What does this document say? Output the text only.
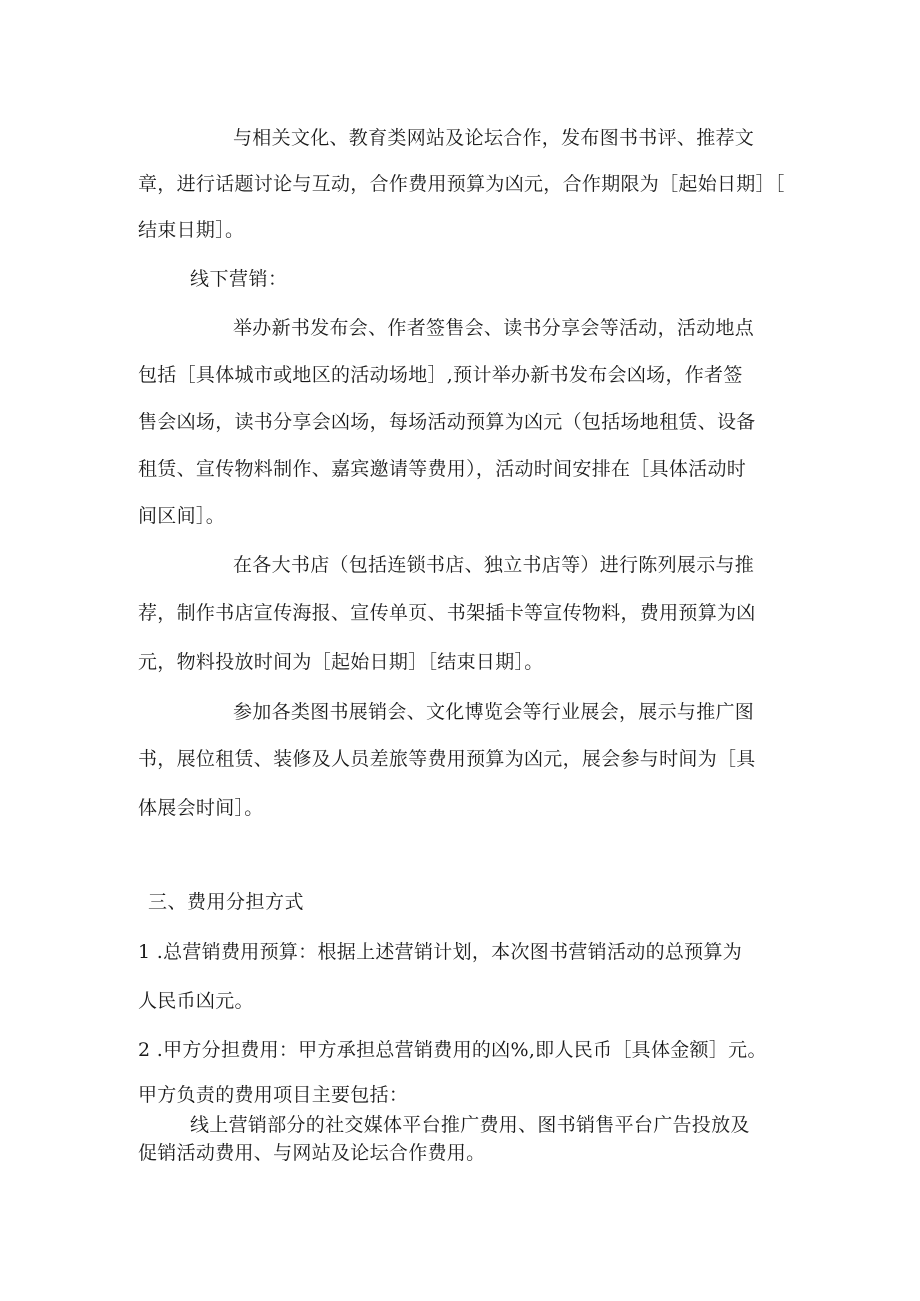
与相关文化、教育类网站及论坛合作，发布图书书评、推荐文
章，进行话题讨论与互动，合作费用预算为凶元，合作期限为［起始日期］［
结束日期］。
线下营销：
举办新书发布会、作者签售会、读书分享会等活动，活动地点
包括［具体城市或地区的活动场地］,预计举办新书发布会凶场，作者签
售会凶场，读书分享会凶场，每场活动预算为凶元（包括场地租赁、设备
租赁、宣传物料制作、嘉宾邀请等费用），活动时间安排在［具体活动时
间区间］。
在各大书店（包括连锁书店、独立书店等）进行陈列展示与推
荐，制作书店宣传海报、宣传单页、书架插卡等宣传物料，费用预算为凶
元，物料投放时间为［起始日期］［结束日期］。
参加各类图书展销会、文化博览会等行业展会，展示与推广图
书，展位租赁、装修及人员差旅等费用预算为凶元，展会参与时间为［具
体展会时间］。
三、费用分担方式
1 .总营销费用预算：根据上述营销计划，本次图书营销活动的总预算为
人民币凶元。
2 .甲方分担费用：甲方承担总营销费用的凶%,即人民币［具体金额］元。
甲方负责的费用项目主要包括：
线上营销部分的社交媒体平台推广费用、图书销售平台广告投放及
促销活动费用、与网站及论坛合作费用。
